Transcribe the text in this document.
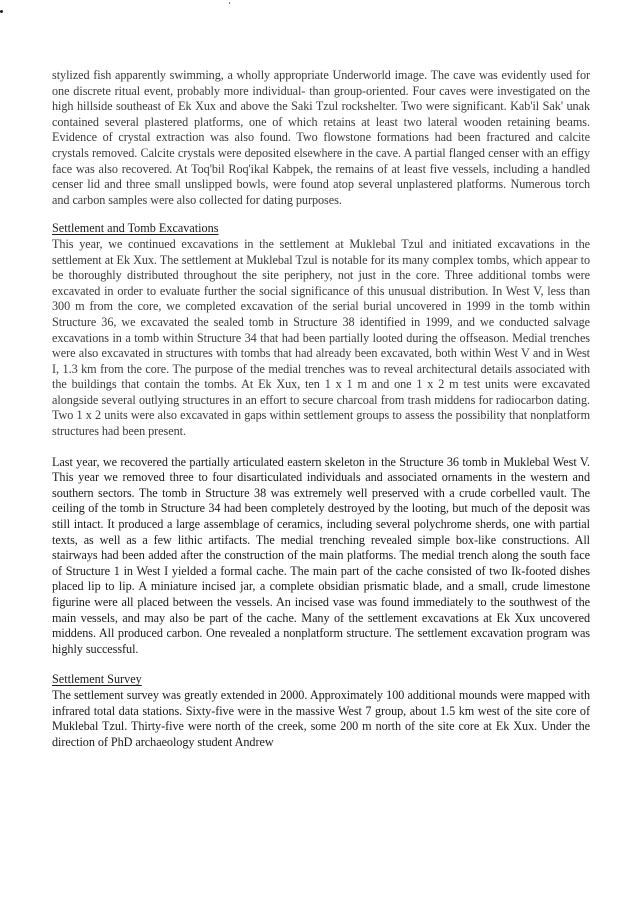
stylized fish apparently swimming, a wholly appropriate Underworld image. The cave was evidently used for one discrete ritual event, probably more individual- than group-oriented. Four caves were investigated on the high hillside southeast of Ek Xux and above the Saki Tzul rockshelter. Two were significant. Kab'il Sak' unak contained several plastered platforms, one of which retains at least two lateral wooden retaining beams. Evidence of crystal extraction was also found. Two flowstone formations had been fractured and calcite crystals removed. Calcite crystals were deposited elsewhere in the cave. A partial flanged censer with an effigy face was also recovered. At Toq'bil Roq'ikal Kabpek, the remains of at least five vessels, including a handled censer lid and three small unslipped bowls, were found atop several unplastered platforms. Numerous torch and carbon samples were also collected for dating purposes.

Settlement and Tomb Excavations

This year, we continued excavations in the settlement at Muklebal Tzul and initiated excavations in the settlement at Ek Xux. The settlement at Muklebal Tzul is notable for its many complex tombs, which appear to be thoroughly distributed throughout the site periphery, not just in the core. Three additional tombs were excavated in order to evaluate further the social significance of this unusual distribution. In West V, less than 300 m from the core, we completed excavation of the serial burial uncovered in 1999 in the tomb within Structure 36, we excavated the sealed tomb in Structure 38 identified in 1999, and we conducted salvage excavations in a tomb within Structure 34 that had been partially looted during the offseason. Medial trenches were also excavated in structures with tombs that had already been excavated, both within West V and in West I, 1.3 km from the core. The purpose of the medial trenches was to reveal architectural details associated with the buildings that contain the tombs. At Ek Xux, ten 1 x 1 m and one 1 x 2 m test units were excavated alongside several outlying structures in an effort to secure charcoal from trash middens for radiocarbon dating. Two 1 x 2 units were also excavated in gaps within settlement groups to assess the possibility that nonplatform structures had been present.

Last year, we recovered the partially articulated eastern skeleton in the Structure 36 tomb in Muklebal West V. This year we removed three to four disarticulated individuals and associated ornaments in the western and southern sectors. The tomb in Structure 38 was extremely well preserved with a crude corbelled vault. The ceiling of the tomb in Structure 34 had been completely destroyed by the looting, but much of the deposit was still intact. It produced a large assemblage of ceramics, including several polychrome sherds, one with partial texts, as well as a few lithic artifacts. The medial trenching revealed simple box-like constructions. All stairways had been added after the construction of the main platforms. The medial trench along the south face of Structure 1 in West I yielded a formal cache. The main part of the cache consisted of two Ik-footed dishes placed lip to lip. A miniature incised jar, a complete obsidian prismatic blade, and a small, crude limestone figurine were all placed between the vessels. An incised vase was found immediately to the southwest of the main vessels, and may also be part of the cache. Many of the settlement excavations at Ek Xux uncovered middens. All produced carbon. One revealed a nonplatform structure. The settlement excavation program was highly successful.

Settlement Survey

The settlement survey was greatly extended in 2000. Approximately 100 additional mounds were mapped with infrared total data stations. Sixty-five were in the massive West 7 group, about 1.5 km west of the site core of Muklebal Tzul. Thirty-five were north of the creek, some 200 m north of the site core at Ek Xux. Under the direction of PhD archaeology student Andrew
